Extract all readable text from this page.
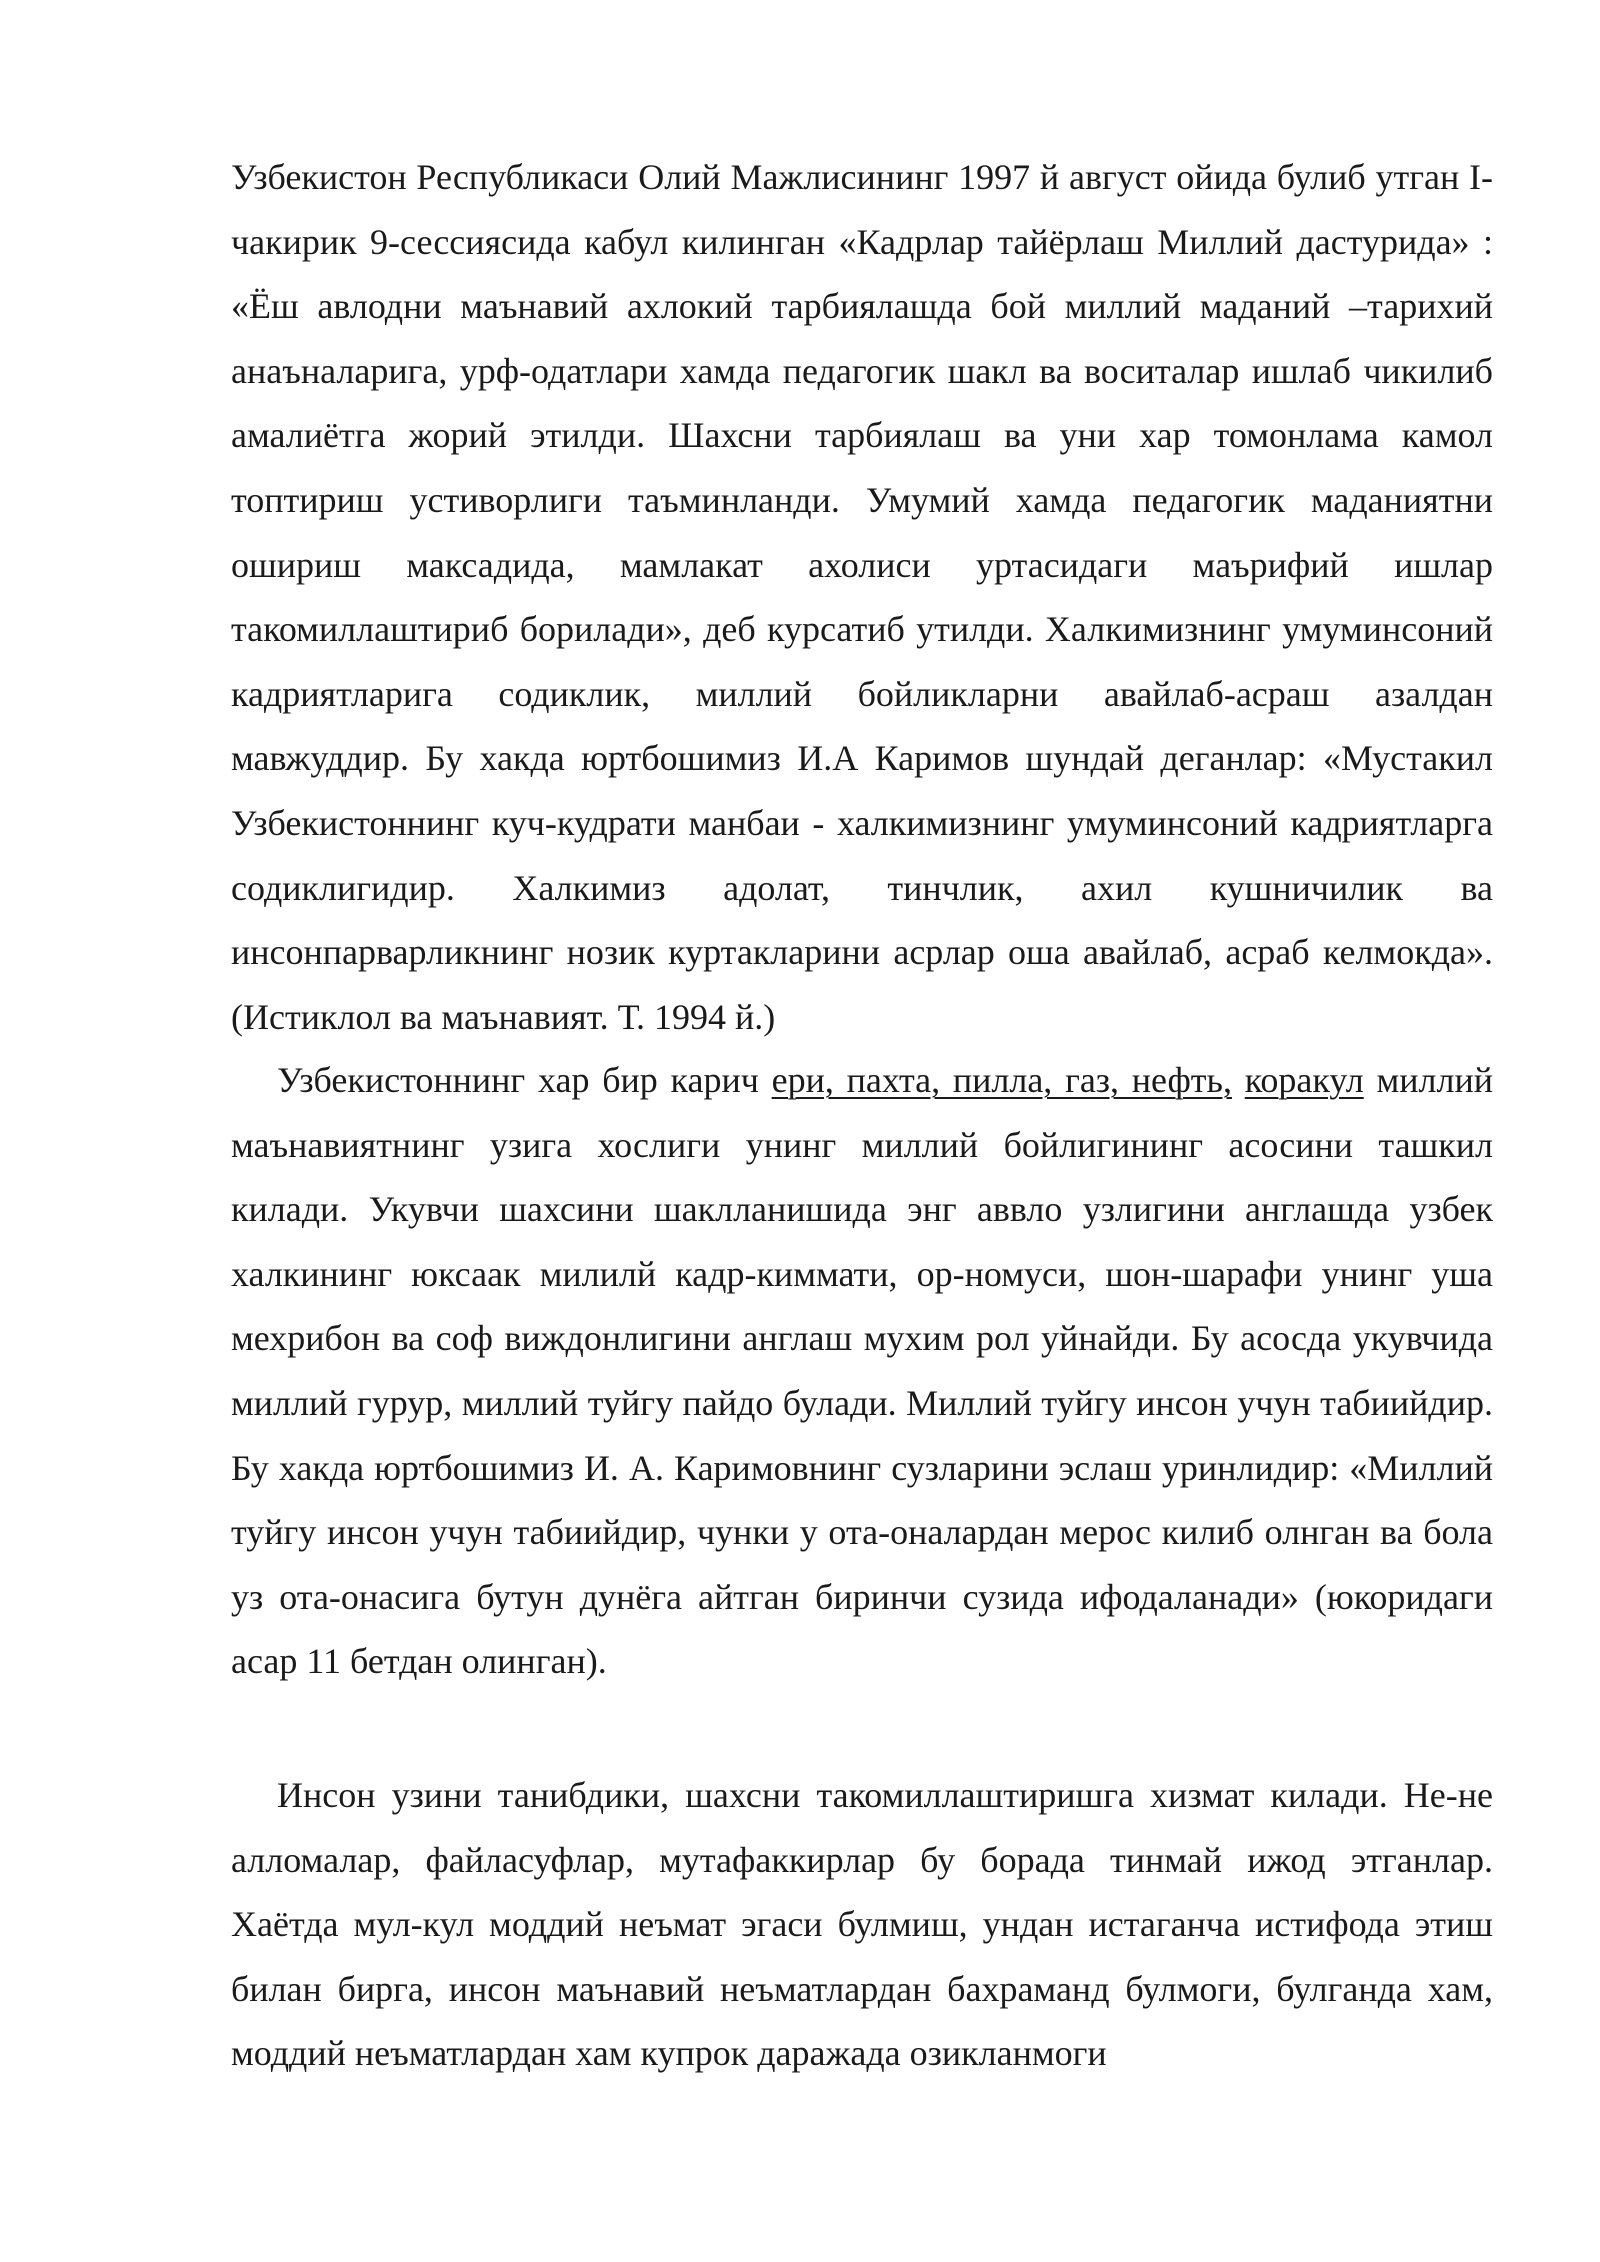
Узбекистон Республикаси Олий Мажлисининг 1997 й август ойида булиб утган I-чакирик 9-сессиясида кабул килинган «Кадрлар тайёрлаш Миллий дастурида» : «Ёш авлодни маънавий ахлокий тарбиялашда бой миллий маданий –тарихий анаъналарига, урф-одатлари хамда педагогик шакл ва воситалар ишлаб чикилиб амалиётга жорий этилди. Шахсни тарбиялаш ва уни хар томонлама камол топтириш устиворлиги таъминланди. Умумий хамда педагогик маданиятни ошириш максадида, мамлакат ахолиси уртасидаги маърифий ишлар такомиллаштириб борилади», деб курсатиб утилди. Халкимизнинг умуминсоний кадриятларига содиклик, миллий бойликларни авайлаб-асраш азалдан мавжуддир. Бу хакда юртбошимиз И.А Каримов шундай деганлар: «Мустакил Узбекистоннинг куч-кудрати манбаи - халкимизнинг умуминсоний кадриятларга содиклигидир. Халкимиз адолат, тинчлик, ахил кушничилик ва инсонпарварликнинг нозик куртакларини асрлар оша авайлаб, асраб келмокда». (Истиклол ва маънавият. Т. 1994 й.)

Узбекистоннинг хар бир карич ери, пахта, пилла, газ, нефть, коракул миллий маънавиятнинг узига хослиги унинг миллий бойлигининг асосини ташкил килади. Укувчи шахсини шаклланишида энг аввло узлигини англашда узбек халкининг юксаак милилй кадр-киммати, ор-номуси, шон-шарафи унинг уша мехрибон ва соф виждонлигини англаш мухим рол уйнайди. Бу асосда укувчида миллий гурур, миллий туйгу пайдо булади. Миллий туйгу инсон учун табиийдир. Бу хакда юртбошимиз И. А. Каримовнинг сузларини эслаш уринлидир: «Миллий туйгу инсон учун табиийдир, чунки у ота-оналардан мерос килиб олнган ва бола уз ота-онасига бутун дунёга айтган биринчи сузида ифодаланади» (юкоридаги асар 11 бетдан олинган).

Инсон узини танибдики, шахсни такомиллаштиришга хизмат килади. Не-не алломалар, файласуфлар, мутафаккирлар бу борада тинмай ижод этганлар. Хаётда мул-кул моддий неъмат эгаси булмиш, ундан истаганча истифода этиш билан бирга, инсон маънавий неъматлардан бахраманд булмоги, булганда хам, моддий неъматлардан хам купрок даражада озикланмоги
